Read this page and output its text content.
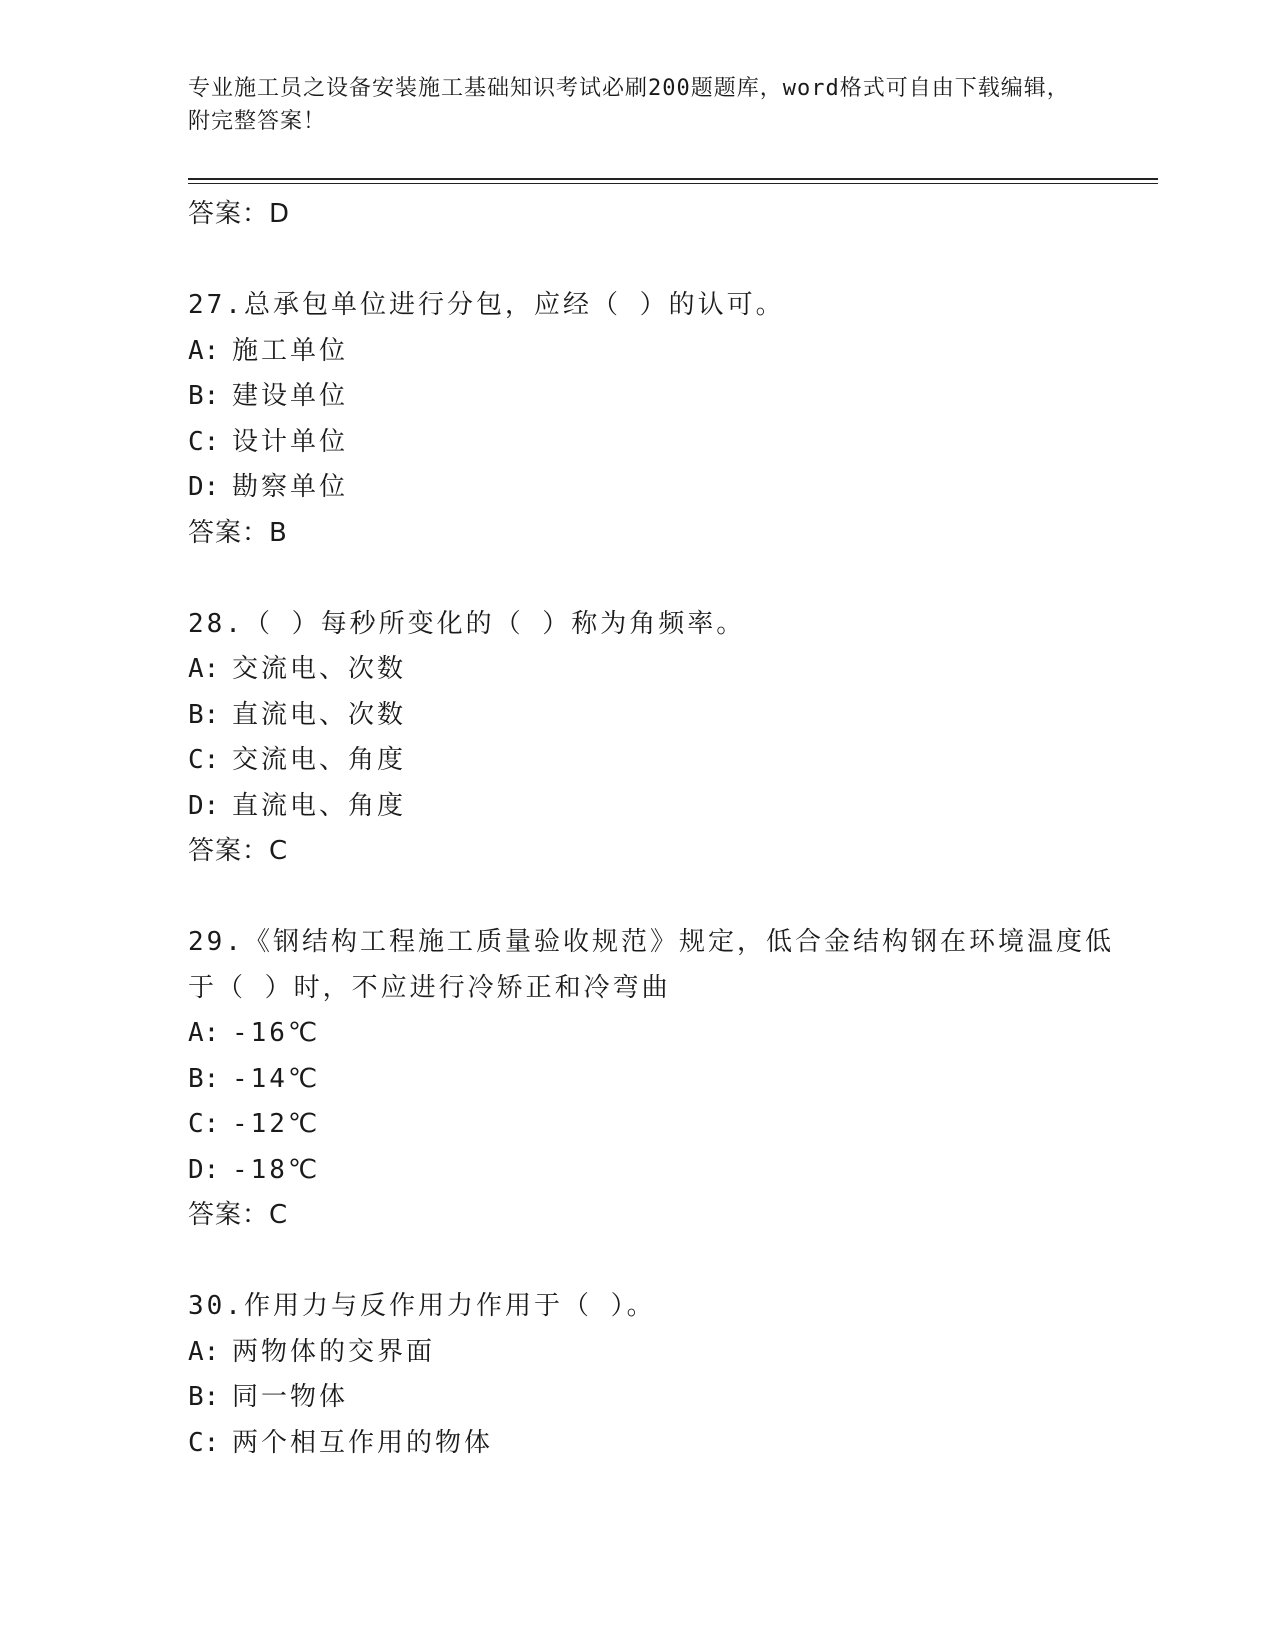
专业施工员之设备安装施工基础知识考试必刷200题题库，word格式可自由下载编辑，附完整答案！
答案：D
27.总承包单位进行分包，应经（ ）的认可。
A: 施工单位
B: 建设单位
C: 设计单位
D: 勘察单位
答案：B
28.（ ）每秒所变化的（ ）称为角频率。
A: 交流电、次数
B: 直流电、次数
C: 交流电、角度
D: 直流电、角度
答案：C
29.《钢结构工程施工质量验收规范》规定，低合金结构钢在环境温度低于（ ）时，不应进行冷矫正和冷弯曲
A: -16℃
B: -14℃
C: -12℃
D: -18℃
答案：C
30.作用力与反作用力作用于（ ）。
A: 两物体的交界面
B: 同一物体
C: 两个相互作用的物体
